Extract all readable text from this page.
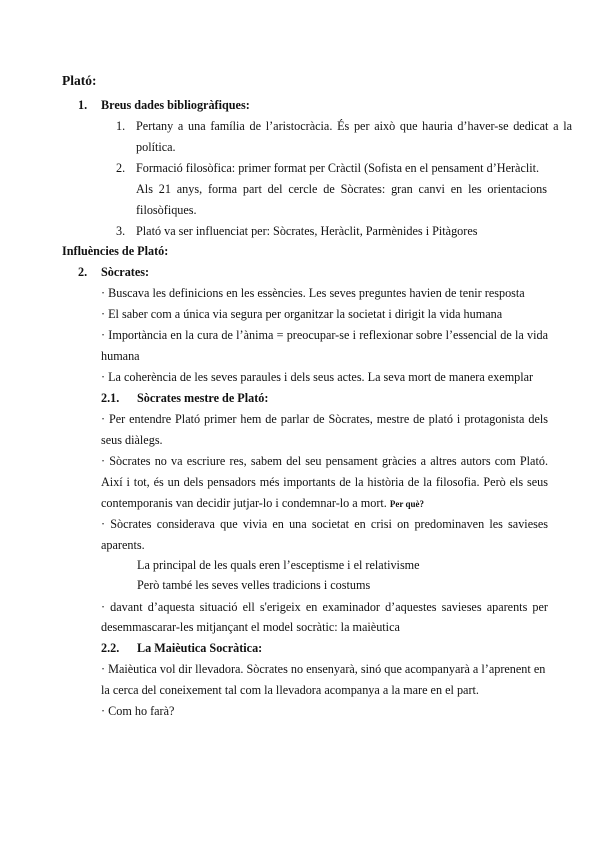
Plató:
1. Breus dades bibliogràfiques:
1. Pertany a una família de l’aristocràcia. És per això que hauria d’haver-se dedicat a la
política.
2. Formació filosòfica: primer format per Cràctil (Sofista en el pensament d’Heràclit.
Als 21 anys, forma part del cercle de Sòcrates: gran canvi en les orientacions
filosòfiques.
3. Plató va ser influenciat per: Sòcrates, Heràclit, Parmènides i Pitàgores
Influències de Plató:
2. Sòcrates:
· Buscava les definicions en les essències. Les seves preguntes havien de tenir resposta
· El saber com a única via segura per organitzar la societat i dirigit la vida humana
· Importància en la cura de l’ànima = preocupar-se i reflexionar sobre l’essencial de la vida
humana
· La coherència de les seves paraules i dels seus actes. La seva mort de manera exemplar
2.1. Sòcrates mestre de Plató:
· Per entendre Plató primer hem de parlar de Sòcrates, mestre de plató i protagonista dels
seus diàlegs.
· Sòcrates no va escriure res, sabem del seu pensament gràcies a altres autors com Plató.
Així i tot, és un dels pensadors més importants de la història de la filosofia. Però els seus
contemporanis van decidir jutjar-lo i condemnar-lo a mort. Per què?
· Sòcrates considerava que vivia en una societat en crisi on predominaven les savieses
aparents.
La principal de les quals eren l’esceptisme i el relativisme
Però també les seves velles tradicions i costums
· davant d’aquesta situació ell s'erigeix en examinador d’aquestes savieses aparents per
desemmascarar-les mitjançant el model socràtic: la maièutica
2.2. La Maièutica Socràtica:
· Maièutica vol dir llevadora. Sòcrates no ensenyarà, sinó que acompanyarà a l’aprenent en
la cerca del coneixement tal com la llevadora acompanya a la mare en el part.
· Com ho farà?
